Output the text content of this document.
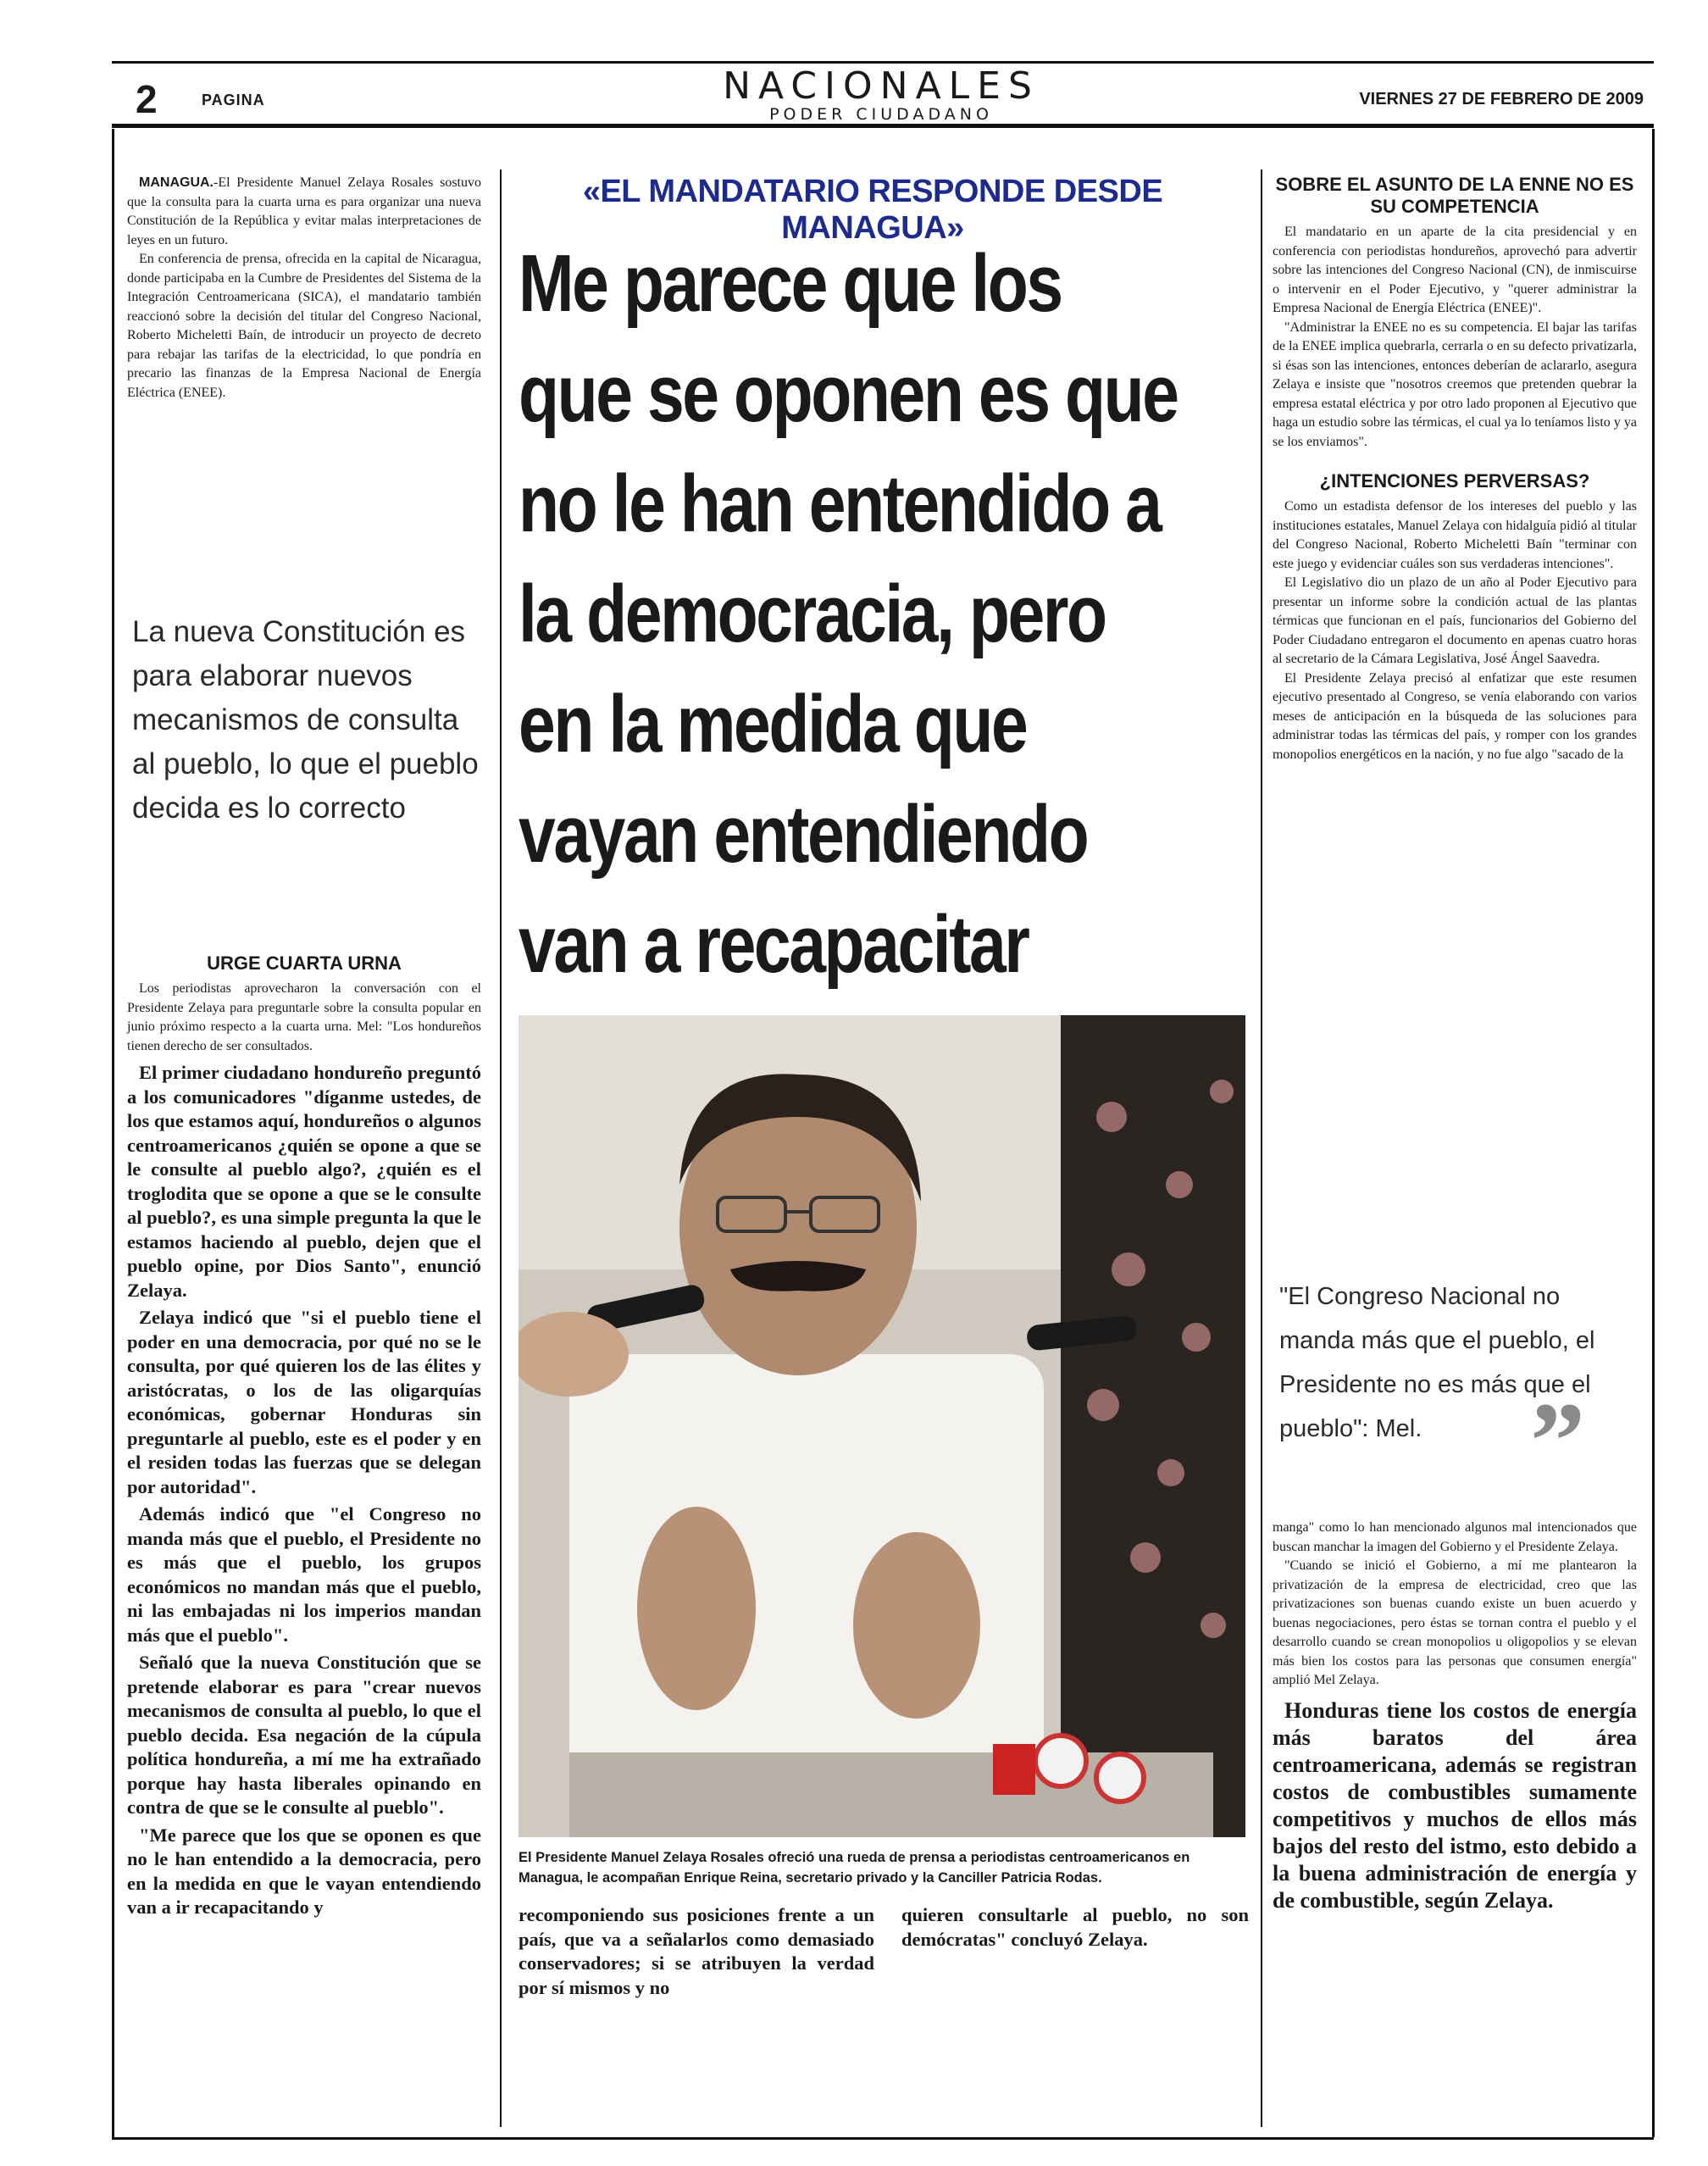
2	PAGINA	NACIONALES
PODER CIUDADANO
VIERNES 27 DE FEBRERO DE 2009

MANAGUA.-El Presidente Manuel Zelaya Rosales sostuvo que la consulta para la cuarta urna es para organizar una nueva Constitución de la República y evitar malas interpretaciones de leyes en un futuro.

En conferencia de prensa, ofrecida en la capital de Nicaragua, donde participaba en la Cumbre de Presidentes del Sistema de la Integración Centroamericana (SICA), el mandatario también reaccionó sobre la decisión del titular del Congreso Nacional, Roberto Micheletti Baín, de introducir un proyecto de decreto para rebajar las tarifas de la electricidad, lo que pondría en precario las finanzas de la Empresa Nacional de Energía Eléctrica (ENEE).

La nueva Constitución es para elaborar nuevos mecanismos de consulta al pueblo, lo que el pueblo decida es lo correcto
URGE CUARTA URNA

Los periodistas aprovecharon la conversación con el Presidente Zelaya para preguntarle sobre la consulta popular en junio próximo respecto a la cuarta urna. Mel: "Los hondureños tienen derecho de ser consultados.

El primer ciudadano hondureño preguntó a los comunicadores "díganme ustedes, de los que estamos aquí, hondureños o algunos centroamericanos ¿quién se opone a que se le consulte al pueblo algo?, ¿quién es el troglodita que se opone a que se le consulte al pueblo?, es una simple pregunta la que le estamos haciendo al pueblo, dejen que el pueblo opine, por Dios Santo", enunció Zelaya.

Zelaya indicó que "si el pueblo tiene el poder en una democracia, por qué no se le consulta, por qué quieren los de las élites y aristócratas, o los de las oligarquías económicas, gobernar Honduras sin preguntarle al pueblo, este es el poder y en el residen todas las fuerzas que se delegan por autoridad".

Además indicó que "el Congreso no manda más que el pueblo, el Presidente no es más que el pueblo, los grupos económicos no mandan más que el pueblo, ni las embajadas ni los imperios mandan más que el pueblo".

Señaló que la nueva Constitución que se pretende elaborar es para "crear nuevos mecanismos de consulta al pueblo, lo que el pueblo decida. Esa negación de la cúpula política hondureña, a mí me ha extrañado porque hay hasta liberales opinando en contra de que se le consulte al pueblo".

"Me parece que los que se oponen es que no le han entendido a la democracia, pero en la medida en que le vayan entendiendo van a ir recapacitando y

«EL MANDATARIO RESPONDE DESDE MANAGUA»
Me parece que los
que se oponen es que
no le han entendido a
la democracia, pero
en la medida que
vayan entendiendo
van a recapacitar
El Presidente Manuel Zelaya Rosales ofreció una rueda de prensa a periodistas centroamericanos en Managua, le acompañan Enrique Reina, secretario privado y la Canciller Patricia Rodas.

recomponiendo sus posiciones frente a un país, que va a señalarlos como demasiado conservadores; si se atribuyen la verdad por sí mismos y no

quieren consultarle al pueblo, no son demócratas" concluyó Zelaya.

SOBRE EL ASUNTO DE LA ENNE NO ES SU COMPETENCIA

El mandatario en un aparte de la cita presidencial y en conferencia con periodistas hondureños, aprovechó para advertir sobre las intenciones del Congreso Nacional (CN), de inmiscuirse o intervenir en el Poder Ejecutivo, y "querer administrar la Empresa Nacional de Energía Eléctrica (ENEE)".

"Administrar la ENEE no es su competencia. El bajar las tarifas de la ENEE implica quebrarla, cerrarla o en su defecto privatizarla, si ésas son las intenciones, entonces deberían de aclararlo, asegura Zelaya e insiste que "nosotros creemos que pretenden quebrar la empresa estatal eléctrica y por otro lado proponen al Ejecutivo que haga un estudio sobre las térmicas, el cual ya lo teníamos listo y ya se los enviamos".

¿INTENCIONES PERVERSAS?

Como un estadista defensor de los intereses del pueblo y las instituciones estatales, Manuel Zelaya con hidalguía pidió al titular del Congreso Nacional, Roberto Micheletti Baín "terminar con este juego y evidenciar cuáles son sus verdaderas intenciones".

El Legislativo dio un plazo de un año al Poder Ejecutivo para presentar un informe sobre la condición actual de las plantas térmicas que funcionan en el país, funcionarios del Gobierno del Poder Ciudadano entregaron el documento en apenas cuatro horas al secretario de la Cámara Legislativa, José Ángel Saavedra.

El Presidente Zelaya precisó al enfatizar que este resumen ejecutivo presentado al Congreso, se venía elaborando con varios meses de anticipación en la búsqueda de las soluciones para administrar todas las térmicas del país, y romper con los grandes monopolios energéticos en la nación, y no fue algo "sacado de la

"El Congreso Nacional no manda más que el pueblo, el Presidente no es más que el pueblo": Mel. ”

manga" como lo han mencionado algunos mal intencionados que buscan manchar la imagen del Gobierno y el Presidente Zelaya.

"Cuando se inició el Gobierno, a mí me plantearon la privatización de la empresa de electricidad, creo que las privatizaciones son buenas cuando existe un buen acuerdo y buenas negociaciones, pero éstas se tornan contra el pueblo y el desarrollo cuando se crean monopolios u oligopolios y se elevan más bien los costos para las personas que consumen energía" amplió Mel Zelaya.

Honduras tiene los costos de energía más baratos del área centroamericana, además se registran costos de combustibles sumamente competitivos y muchos de ellos más bajos del resto del istmo, esto debido a la buena administración de energía y de combustible, según Zelaya.
